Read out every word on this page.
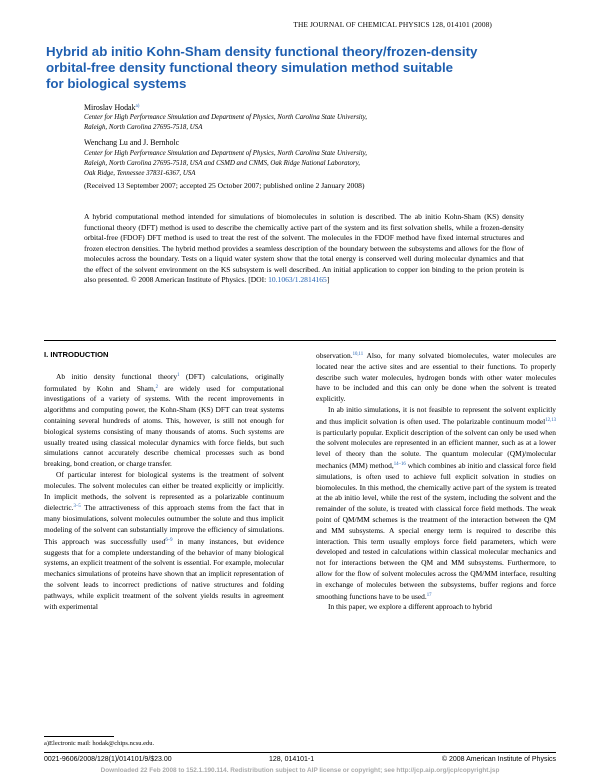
THE JOURNAL OF CHEMICAL PHYSICS 128, 014101 (2008)
Hybrid ab initio Kohn-Sham density functional theory/frozen-density
orbital-free density functional theory simulation method suitable
for biological systems
Miroslav Hodak$^{a)}$
Center for High Performance Simulation and Department of Physics, North Carolina State University,
Raleigh, North Carolina 27695-7518, USA
Wenchang Lu and J. Bernholc
Center for High Performance Simulation and Department of Physics, North Carolina State University,
Raleigh, North Carolina 27695-7518, USA and CSMD and CNMS, Oak Ridge National Laboratory,
Oak Ridge, Tennessee 37831-6367, USA
(Received 13 September 2007; accepted 25 October 2007; published online 2 January 2008)
A hybrid computational method intended for simulations of biomolecules in solution is described. The ab initio Kohn-Sham (KS) density functional theory (DFT) method is used to describe the chemically active part of the system and its first solvation shells, while a frozen-density orbital-free (FDOF) DFT method is used to treat the rest of the solvent. The molecules in the FDOF method have fixed internal structures and frozen electron densities. The hybrid method provides a seamless description of the boundary between the subsystems and allows for the flow of molecules across the boundary. Tests on a liquid water system show that the total energy is conserved well during molecular dynamics and that the effect of the solvent environment on the KS subsystem is well described. An initial application to copper ion binding to the prion protein is also presented. © 2008 American Institute of Physics. [DOI: 10.1063/1.2814165]
I. INTRODUCTION

Ab initio density functional theory$^1$ (DFT) calculations, originally formulated by Kohn and Sham,$^2$ are widely used for computational investigations of a variety of systems. With the recent improvements in algorithms and computing power, the Kohn-Sham (KS) DFT can treat systems containing several hundreds of atoms. This, however, is still not enough for biological systems consisting of many thousands of atoms. Such systems are usually treated using classical molecular dynamics with force fields, but such simulations cannot accurately describe chemical processes such as bond breaking, bond creation, or charge transfer.

Of particular interest for biological systems is the treatment of solvent molecules. The solvent molecules can either be treated explicitly or implicitly. In implicit methods, the solvent is represented as a polarizable continuum dielectric.$^{3-5}$ The attractiveness of this approach stems from the fact that in many biosimulations, solvent molecules outnumber the solute and thus implicit modeling of the solvent can substantially improve the efficiency of simulations. This approach was successfully used$^{6-9}$ in many instances, but evidence suggests that for a complete understanding of the behavior of many biological systems, an explicit treatment of the solvent is essential. For example, molecular mechanics simulations of proteins have shown that an implicit representation of the solvent leads to incorrect predictions of native structures and folding pathways, while explicit treatment of the solvent yields results in agreement with experimental

observation.$^{10,11}$ Also, for many solvated biomolecules, water molecules are located near the active sites and are essential to their functions. To properly describe such water molecules, hydrogen bonds with other water molecules have to be included and this can only be done when the solvent is treated explicitly.

In ab initio simulations, it is not feasible to represent the solvent explicitly and thus implicit solvation is often used. The polarizable continuum model$^{12,13}$ is particularly popular. Explicit description of the solvent can only be used when the solvent molecules are represented in an efficient manner, such as at a lower level of theory than the solute. The quantum molecular (QM)/molecular mechanics (MM) method,$^{14-16}$ which combines ab initio and classical force field simulations, is often used to achieve full explicit solvation in studies on biomolecules. In this method, the chemically active part of the system is treated at the ab initio level, while the rest of the system, including the solvent and the remainder of the solute, is treated with classical force field methods. The weak point of QM/MM schemes is the treatment of the interaction between the QM and MM subsystems. A special energy term is required to describe this interaction. This term usually employs force field parameters, which were developed and tested in calculations within classical molecular mechanics and not for interactions between the QM and MM subsystems. Furthermore, to allow for the flow of solvent molecules across the QM/MM interface, resulting in exchange of molecules between the subsystems, buffer regions and force smoothing functions have to be used.$^{17}$

In this paper, we explore a different approach to hybrid

a)Electronic mail: hodak@chips.ncsu.edu.
0021-9606/2008/128(1)/014101/9/$23.00	128, 014101-1	© 2008 American Institute of Physics
Downloaded 22 Feb 2008 to 152.1.190.114. Redistribution subject to AIP license or copyright; see http://jcp.aip.org/jcp/copyright.jsp
